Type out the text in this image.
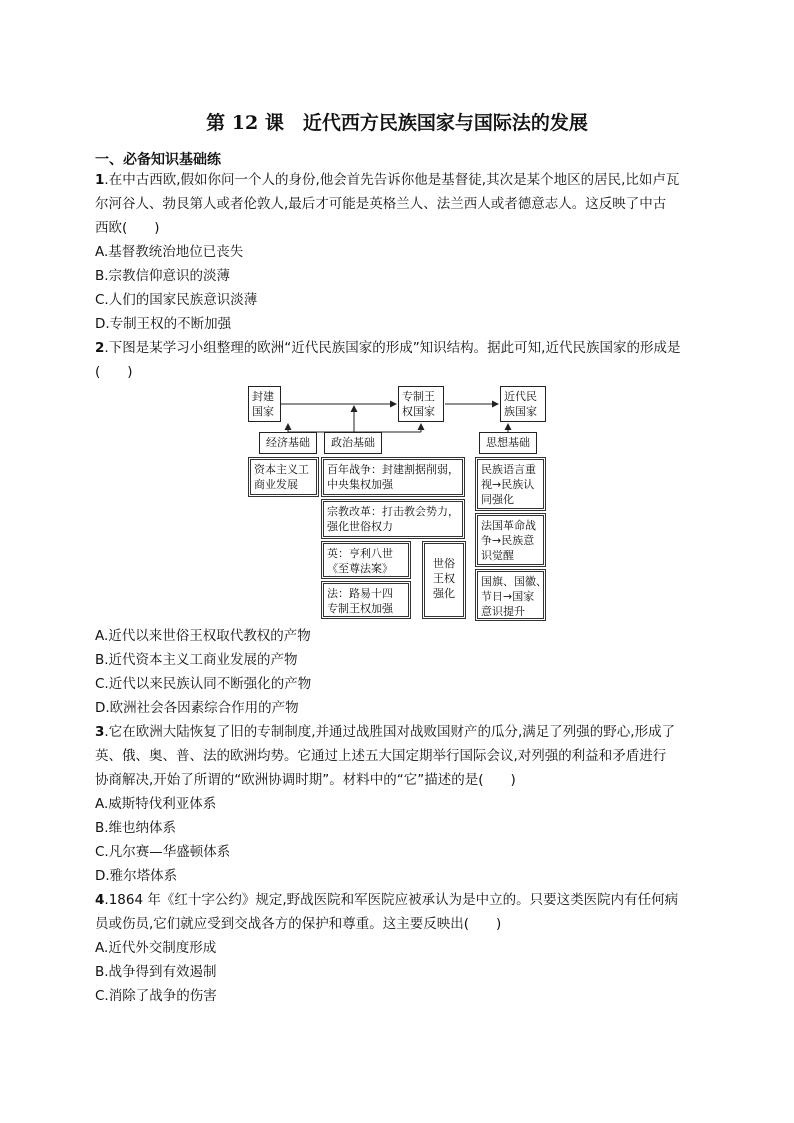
第 12 课　近代西方民族国家与国际法的发展
一、必备知识基础练
1.在中古西欧,假如你问一个人的身份,他会首先告诉你他是基督徒,其次是某个地区的居民,比如卢瓦
尔河谷人、勃艮第人或者伦敦人,最后才可能是英格兰人、法兰西人或者德意志人。这反映了中古
西欧(　　)
A.基督教统治地位已丧失
B.宗教信仰意识的淡薄
C.人们的国家民族意识淡薄
D.专制王权的不断加强
2.下图是某学习小组整理的欧洲“近代民族国家的形成”知识结构。据此可知,近代民族国家的形成是
(　　)
封建
国家
专制王
权国家
近代民
族国家
经济基础	政治基础	思想基础
资本主义工
商业发展
百年战争：封建割据削弱，
中央集权加强
宗教改革：打击教会势力，
强化世俗权力
英：亨利八世
《至尊法案》
法：路易十四
专制王权加强
世俗
王权
强化
民族语言重
视→民族认
同强化
法国革命战
争→民族意
识觉醒
国旗、国徽、
节日→国家
意识提升
A.近代以来世俗王权取代教权的产物
B.近代资本主义工商业发展的产物
C.近代以来民族认同不断强化的产物
D.欧洲社会各因素综合作用的产物
3.它在欧洲大陆恢复了旧的专制制度,并通过战胜国对战败国财产的瓜分,满足了列强的野心,形成了
英、俄、奥、普、法的欧洲均势。它通过上述五大国定期举行国际会议,对列强的利益和矛盾进行
协商解决,开始了所谓的“欧洲协调时期”。材料中的“它”描述的是(　　)
A.威斯特伐利亚体系
B.维也纳体系
C.凡尔赛—华盛顿体系
D.雅尔塔体系
4.1864 年《红十字公约》规定,野战医院和军医院应被承认为是中立的。只要这类医院内有任何病
员或伤员,它们就应受到交战各方的保护和尊重。这主要反映出(　　)
A.近代外交制度形成
B.战争得到有效遏制
C.消除了战争的伤害
